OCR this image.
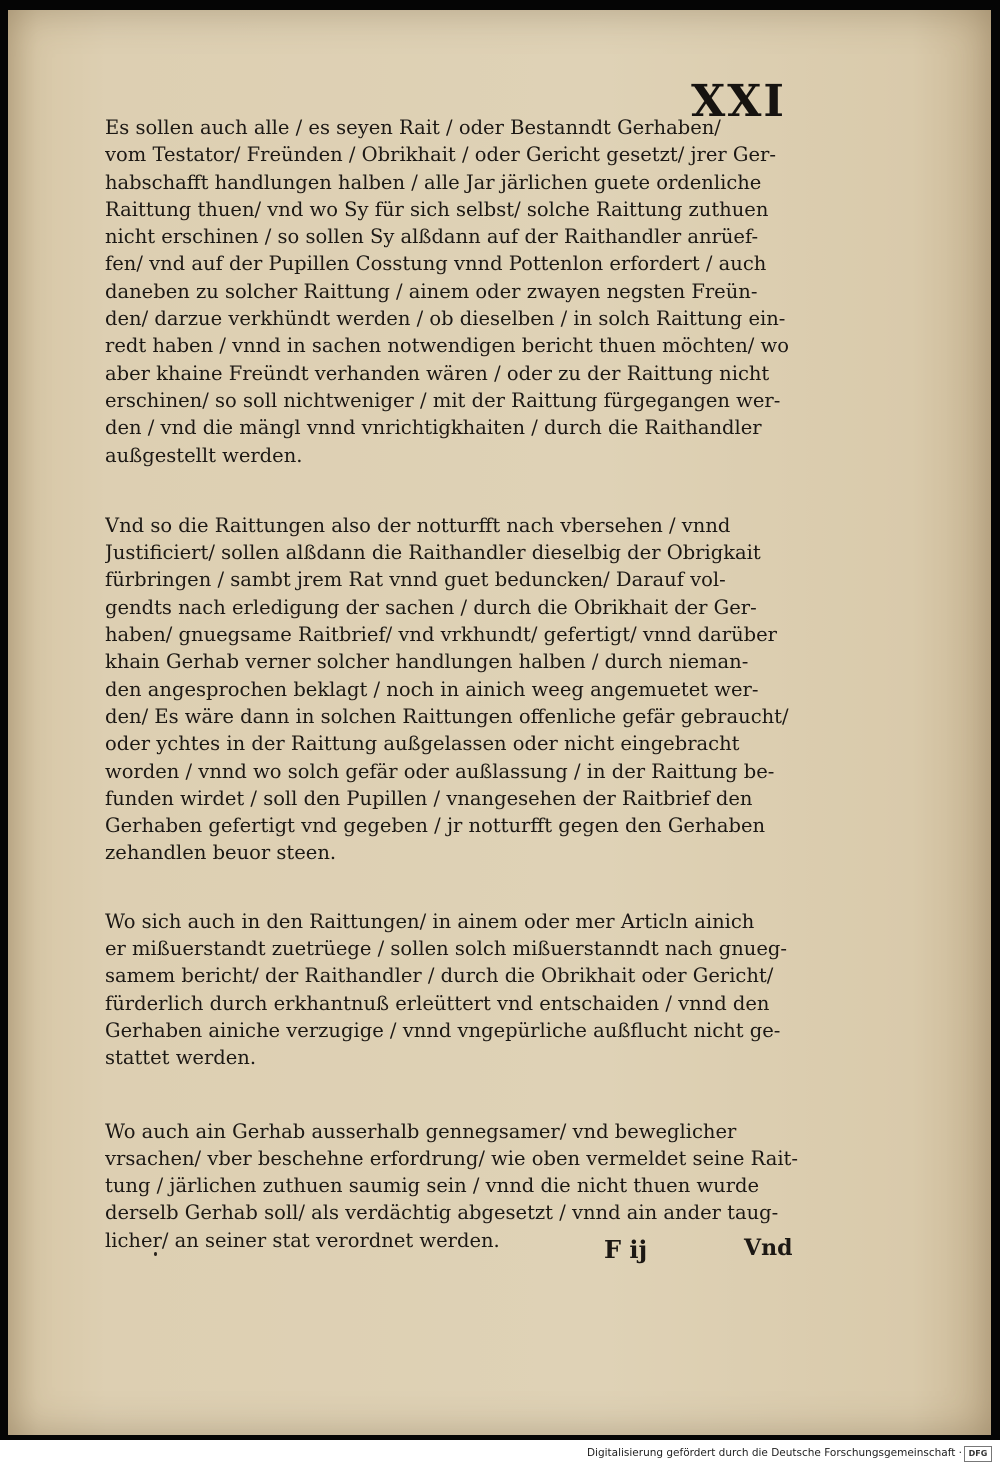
XXI
Es sollen auch alle / es seyen Rait / oder Bestanndt Gerhaben/
vom Testator/ Freünden / Obrikhait / oder Gericht gesetzt/ jrer Ger-
habschafft handlungen halben / alle Jar järlichen guete ordenliche
Raittung thuen/ vnd wo Sy für sich selbst/ solche Raittung zuthuen
nicht erschinen / so sollen Sy alßdann auf der Raithandler anrüef-
fen/ vnd auf der Pupillen Cosstung vnnd Pottenlon erfordert / auch
daneben zu solcher Raittung / ainem oder zwayen negsten Freün-
den/ darzue verkhündt werden / ob dieselben / in solch Raittung ein-
redt haben / vnnd in sachen notwendigen bericht thuen möchten/ wo
aber khaine Freündt verhanden wären / oder zu der Raittung nicht
erschinen/ so soll nichtweniger / mit der Raittung fürgegangen wer-
den / vnd die mängl vnnd vnrichtigkhaiten / durch die Raithandler
außgestellt werden.
Vnd so die Raittungen also der notturfft nach vbersehen / vnnd
Justificiert/ sollen alßdann die Raithandler dieselbig der Obrigkait
fürbringen / sambt jrem Rat vnnd guet beduncken/ Darauf vol-
gendts nach erledigung der sachen / durch die Obrikhait der Ger-
haben/ gnuegsame Raitbrief/ vnd vrkhundt/ gefertigt/ vnnd darüber
khain Gerhab verner solcher handlungen halben / durch nieman-
den angesprochen beklagt / noch in ainich weeg angemuetet wer-
den/ Es wäre dann in solchen Raittungen offenliche gefär gebraucht/
oder ychtes in der Raittung außgelassen oder nicht eingebracht
worden / vnnd wo solch gefär oder außlassung / in der Raittung be-
funden wirdet / soll den Pupillen / vnangesehen der Raitbrief den
Gerhaben gefertigt vnd gegeben / jr notturfft gegen den Gerhaben
zehandlen beuor steen.
Wo sich auch in den Raittungen/ in ainem oder mer Articln ainich
er mißuerstandt zuetrüege / sollen solch mißuerstanndt nach gnueg-
samem bericht/ der Raithandler / durch die Obrikhait oder Gericht/
fürderlich durch erkhantnuß erleüttert vnd entschaiden / vnnd den
Gerhaben ainiche verzugige / vnnd vngepürliche außflucht nicht ge-
stattet werden.
Wo auch ain Gerhab ausserhalb gennegsamer/ vnd beweglicher
vrsachen/ vber beschehne erfordrung/ wie oben vermeldet seine Rait-
tung / järlichen zuthuen saumig sein / vnnd die nicht thuen wurde
derselb Gerhab soll/ als verdächtig abgesetzt / vnnd ain ander taug-
licher/ an seiner stat verordnet werden.	F ij	Vnd
Digitalisierung gefördert durch die Deutsche Forschungsgemeinschaft · DFG
